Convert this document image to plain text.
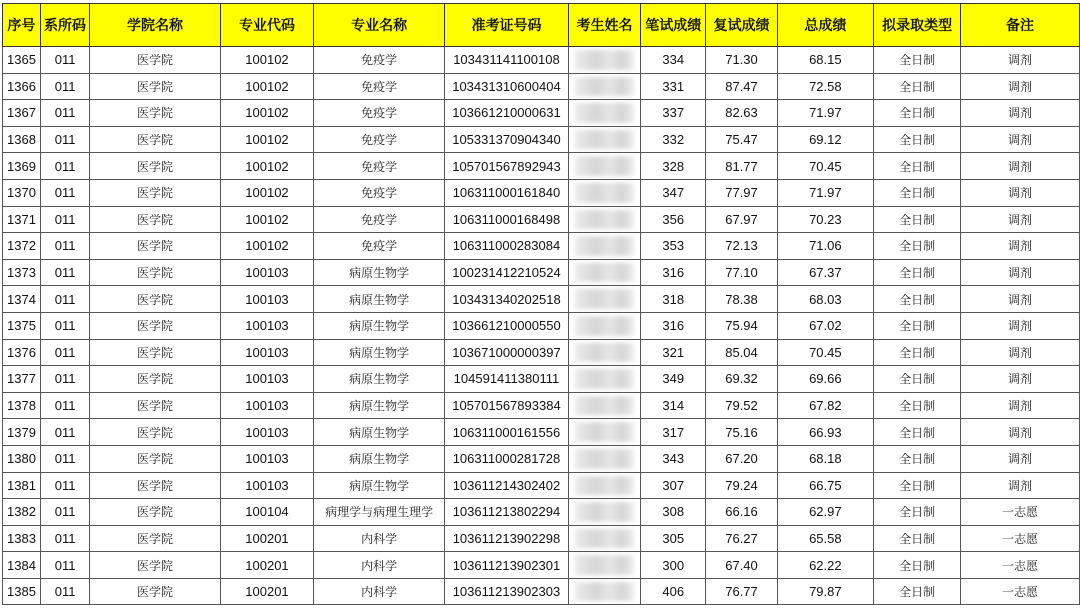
序号	系所码	学院名称	专业代码	专业名称	准考证号码	考生姓名	笔试成绩	复试成绩	总成绩	拟录取类型	备注
1365	011	医学院	100102	免疫学	103431141100108		334	71.30	68.15	全日制	调剂
1366	011	医学院	100102	免疫学	103431310600404		331	87.47	72.58	全日制	调剂
1367	011	医学院	100102	免疫学	103661210000631		337	82.63	71.97	全日制	调剂
1368	011	医学院	100102	免疫学	105331370904340		332	75.47	69.12	全日制	调剂
1369	011	医学院	100102	免疫学	105701567892943		328	81.77	70.45	全日制	调剂
1370	011	医学院	100102	免疫学	106311000161840		347	77.97	71.97	全日制	调剂
1371	011	医学院	100102	免疫学	106311000168498		356	67.97	70.23	全日制	调剂
1372	011	医学院	100102	免疫学	106311000283084		353	72.13	71.06	全日制	调剂
1373	011	医学院	100103	病原生物学	100231412210524		316	77.10	67.37	全日制	调剂
1374	011	医学院	100103	病原生物学	103431340202518		318	78.38	68.03	全日制	调剂
1375	011	医学院	100103	病原生物学	103661210000550		316	75.94	67.02	全日制	调剂
1376	011	医学院	100103	病原生物学	103671000000397		321	85.04	70.45	全日制	调剂
1377	011	医学院	100103	病原生物学	104591411380111		349	69.32	69.66	全日制	调剂
1378	011	医学院	100103	病原生物学	105701567893384		314	79.52	67.82	全日制	调剂
1379	011	医学院	100103	病原生物学	106311000161556		317	75.16	66.93	全日制	调剂
1380	011	医学院	100103	病原生物学	106311000281728		343	67.20	68.18	全日制	调剂
1381	011	医学院	100103	病原生物学	103611214302402		307	79.24	66.75	全日制	调剂
1382	011	医学院	100104	病理学与病理生理学	103611213802294		308	66.16	62.97	全日制	一志愿
1383	011	医学院	100201	内科学	103611213902298		305	76.27	65.58	全日制	一志愿
1384	011	医学院	100201	内科学	103611213902301		300	67.40	62.22	全日制	一志愿
1385	011	医学院	100201	内科学	103611213902303		406	76.77	79.87	全日制	一志愿
